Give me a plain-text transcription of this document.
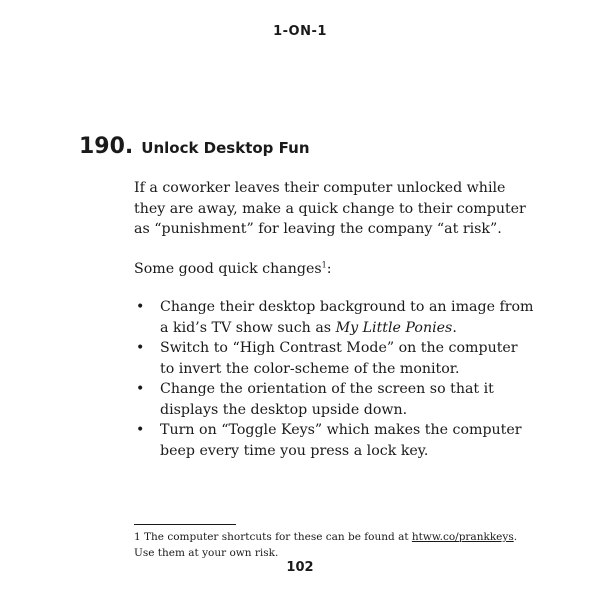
1-ON-1
190. Unlock Desktop Fun

If a coworker leaves their computer unlocked while they are away, make a quick change to their computer as “punishment” for leaving the company “at risk”.

Some good quick changes$^1$:

• Change their desktop background to an image from a kid’s TV show such as My Little Ponies.
• Switch to “High Contrast Mode” on the computer to invert the color-scheme of the monitor.
• Change the orientation of the screen so that it displays the desktop upside down.
• Turn on “Toggle Keys” which makes the computer beep every time you press a lock key.
1 The computer shortcuts for these can be found at htww.co/prankkeys. Use them at your own risk.
102
